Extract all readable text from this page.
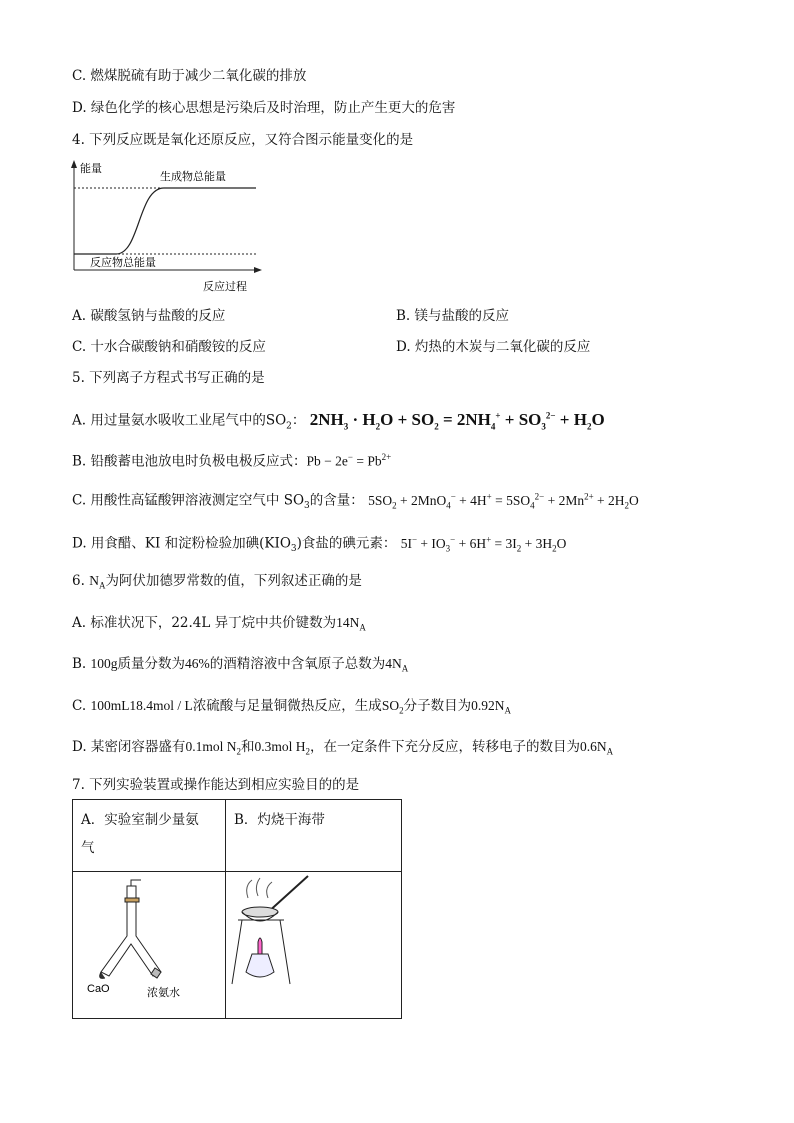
C. 燃煤脱硫有助于减少二氧化碳的排放
D. 绿色化学的核心思想是污染后及时治理，防止产生更大的危害
4. 下列反应既是氧化还原反应，又符合图示能量变化的是
能量
生成物总能量
反应物总能量
反应过程
A. 碳酸氢钠与盐酸的反应	B. 镁与盐酸的反应
C. 十水合碳酸钠和硝酸铵的反应	D. 灼热的木炭与二氧化碳的反应
5. 下列离子方程式书写正确的是
A. 用过量氨水吸收工业尾气中的$SO_2$： $2NH_3 \cdot H_2O + SO_2 = 2NH_4^+ + SO_3^{2-} + H_2O$
B. 铅酸蓄电池放电时负极电极反应式：$Pb - 2e^- = Pb^{2+}$
C. 用酸性高锰酸钾溶液测定空气中 $SO_3$的含量： $5SO_2 + 2MnO_4^- + 4H^+ = 5SO_4^{2-} + 2Mn^{2+} + 2H_2O$
D. 用食醋、KI 和淀粉检验加碘$(KIO_3)$食盐的碘元素： $5I^- + IO_3^- + 6H^+ = 3I_2 + 3H_2O$
6. $N_A$为阿伏加德罗常数的值，下列叙述正确的是
A. 标准状况下，22.4L 异丁烷中共价键数为$14N_A$
B. 100g质量分数为46%的酒精溶液中含氧原子总数为$4N_A$
C. 100mL18.4mol / L浓硫酸与足量铜微热反应，生成$SO_2$分子数目为$0.92N_A$
D. 某密闭容器盛有0.1mol $N_2$和0.3mol $H_2$，在一定条件下充分反应，转移电子的数目为$0.6N_A$
7. 下列实验装置或操作能达到相应实验目的的是
A．实验室制少量氨
气	B．灼烧干海带

CaO 浓氨水
